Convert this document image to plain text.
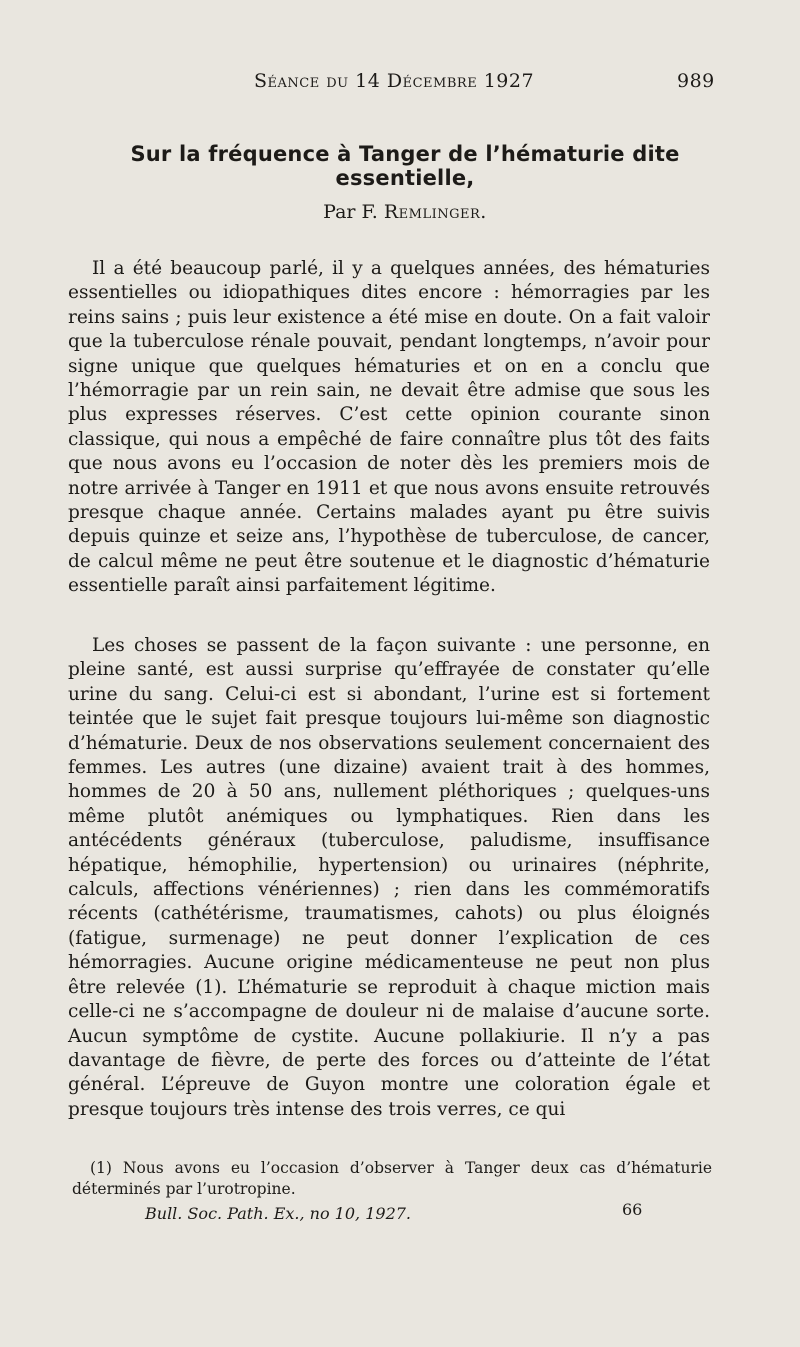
Séance du 14 Décembre 1927	989
Sur la fréquence à Tanger de l’hématurie dite essentielle,
Par F. Remlinger.

Il a été beaucoup parlé, il y a quelques années, des hématuries essentielles ou idiopathiques dites encore : hémorragies par les reins sains ; puis leur existence a été mise en doute. On a fait valoir que la tuberculose rénale pouvait, pendant longtemps, n’avoir pour signe unique que quelques hématuries et on en a conclu que l’hémorragie par un rein sain, ne devait être admise que sous les plus expresses réserves. C’est cette opinion courante sinon classique, qui nous a empêché de faire connaître plus tôt des faits que nous avons eu l’occasion de noter dès les premiers mois de notre arrivée à Tanger en 1911 et que nous avons ensuite retrouvés presque chaque année. Certains malades ayant pu être suivis depuis quinze et seize ans, l’hypothèse de tuberculose, de cancer, de calcul même ne peut être soutenue et le diagnostic d’hématurie essentielle paraît ainsi parfaitement légitime.

Les choses se passent de la façon suivante : une personne, en pleine santé, est aussi surprise qu’effrayée de constater qu’elle urine du sang. Celui-ci est si abondant, l’urine est si fortement teintée que le sujet fait presque toujours lui-même son diagnostic d’hématurie. Deux de nos observations seulement concernaient des femmes. Les autres (une dizaine) avaient trait à des hommes, hommes de 20 à 50 ans, nullement pléthoriques ; quelques-uns même plutôt anémiques ou lymphatiques. Rien dans les antécédents généraux (tuberculose, paludisme, insuffisance hépatique, hémophilie, hypertension) ou urinaires (néphrite, calculs, affections vénériennes) ; rien dans les commémoratifs récents (cathétérisme, traumatismes, cahots) ou plus éloignés (fatigue, surmenage) ne peut donner l’explication de ces hémorragies. Aucune origine médicamenteuse ne peut non plus être relevée (1). L’hématurie se reproduit à chaque miction mais celle-ci ne s’accompagne de douleur ni de malaise d’aucune sorte. Aucun symptôme de cystite. Aucune pollakiurie. Il n’y a pas davantage de fièvre, de perte des forces ou d’atteinte de l’état général. L’épreuve de Guyon montre une coloration égale et presque toujours très intense des trois verres, ce qui

(1) Nous avons eu l’occasion d’observer à Tanger deux cas d’hématurie déterminés par l’urotropine.

Bull. Soc. Path. Ex., no 10, 1927.	66
